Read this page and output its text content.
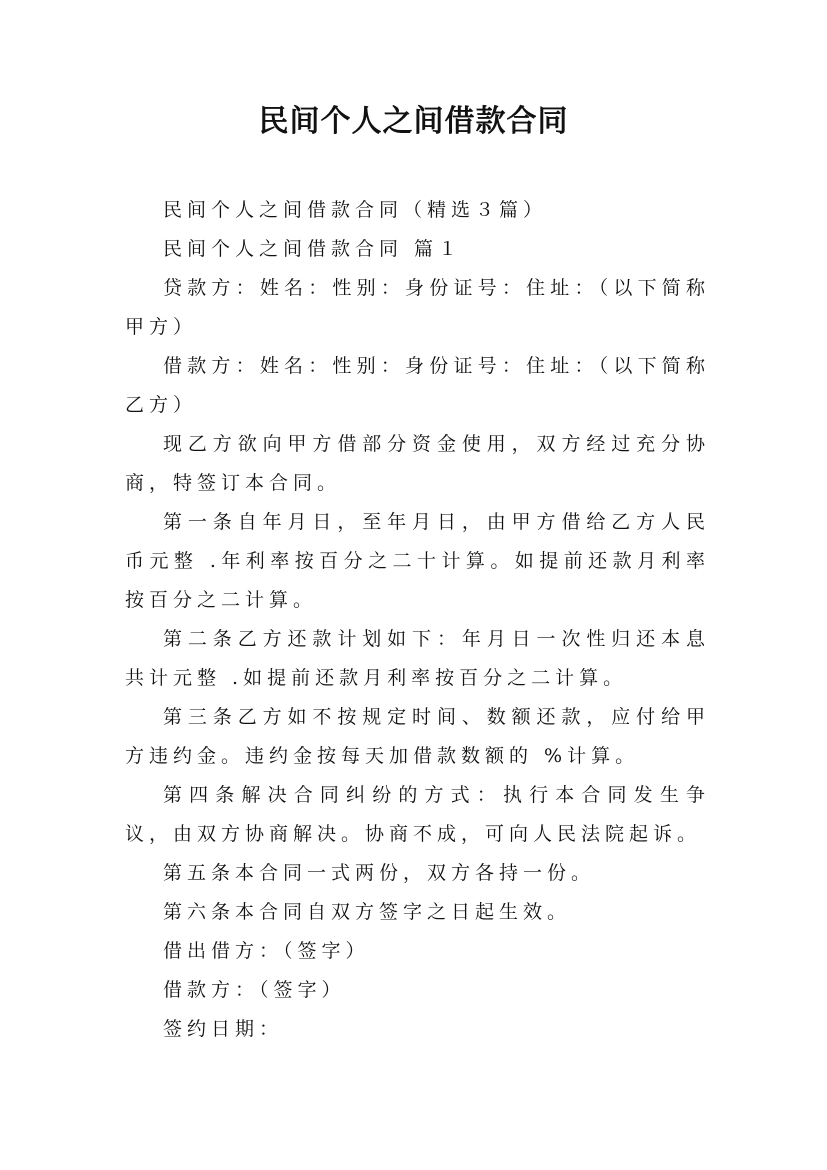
民间个人之间借款合同

民间个人之间借款合同（精选３篇）

民间个人之间借款合同 篇１

贷款方：姓名：性别：身份证号：住址：（以下简称甲方）

借款方：姓名：性别：身份证号：住址：（以下简称乙方）

现乙方欲向甲方借部分资金使用，双方经过充分协商，特签订本合同。

第一条自年月日，至年月日，由甲方借给乙方人民币元整 .年利率按百分之二十计算。如提前还款月利率按百分之二计算。

第二条乙方还款计划如下：年月日一次性归还本息共计元整 .如提前还款月利率按百分之二计算。

第三条乙方如不按规定时间、数额还款，应付给甲方违约金。违约金按每天加借款数额的 %计算。

第四条解决合同纠纷的方式：执行本合同发生争议，由双方协商解决。协商不成，可向人民法院起诉。

第五条本合同一式两份，双方各持一份。

第六条本合同自双方签字之日起生效。

借出借方：（签字）

借款方：（签字）

签约日期：
